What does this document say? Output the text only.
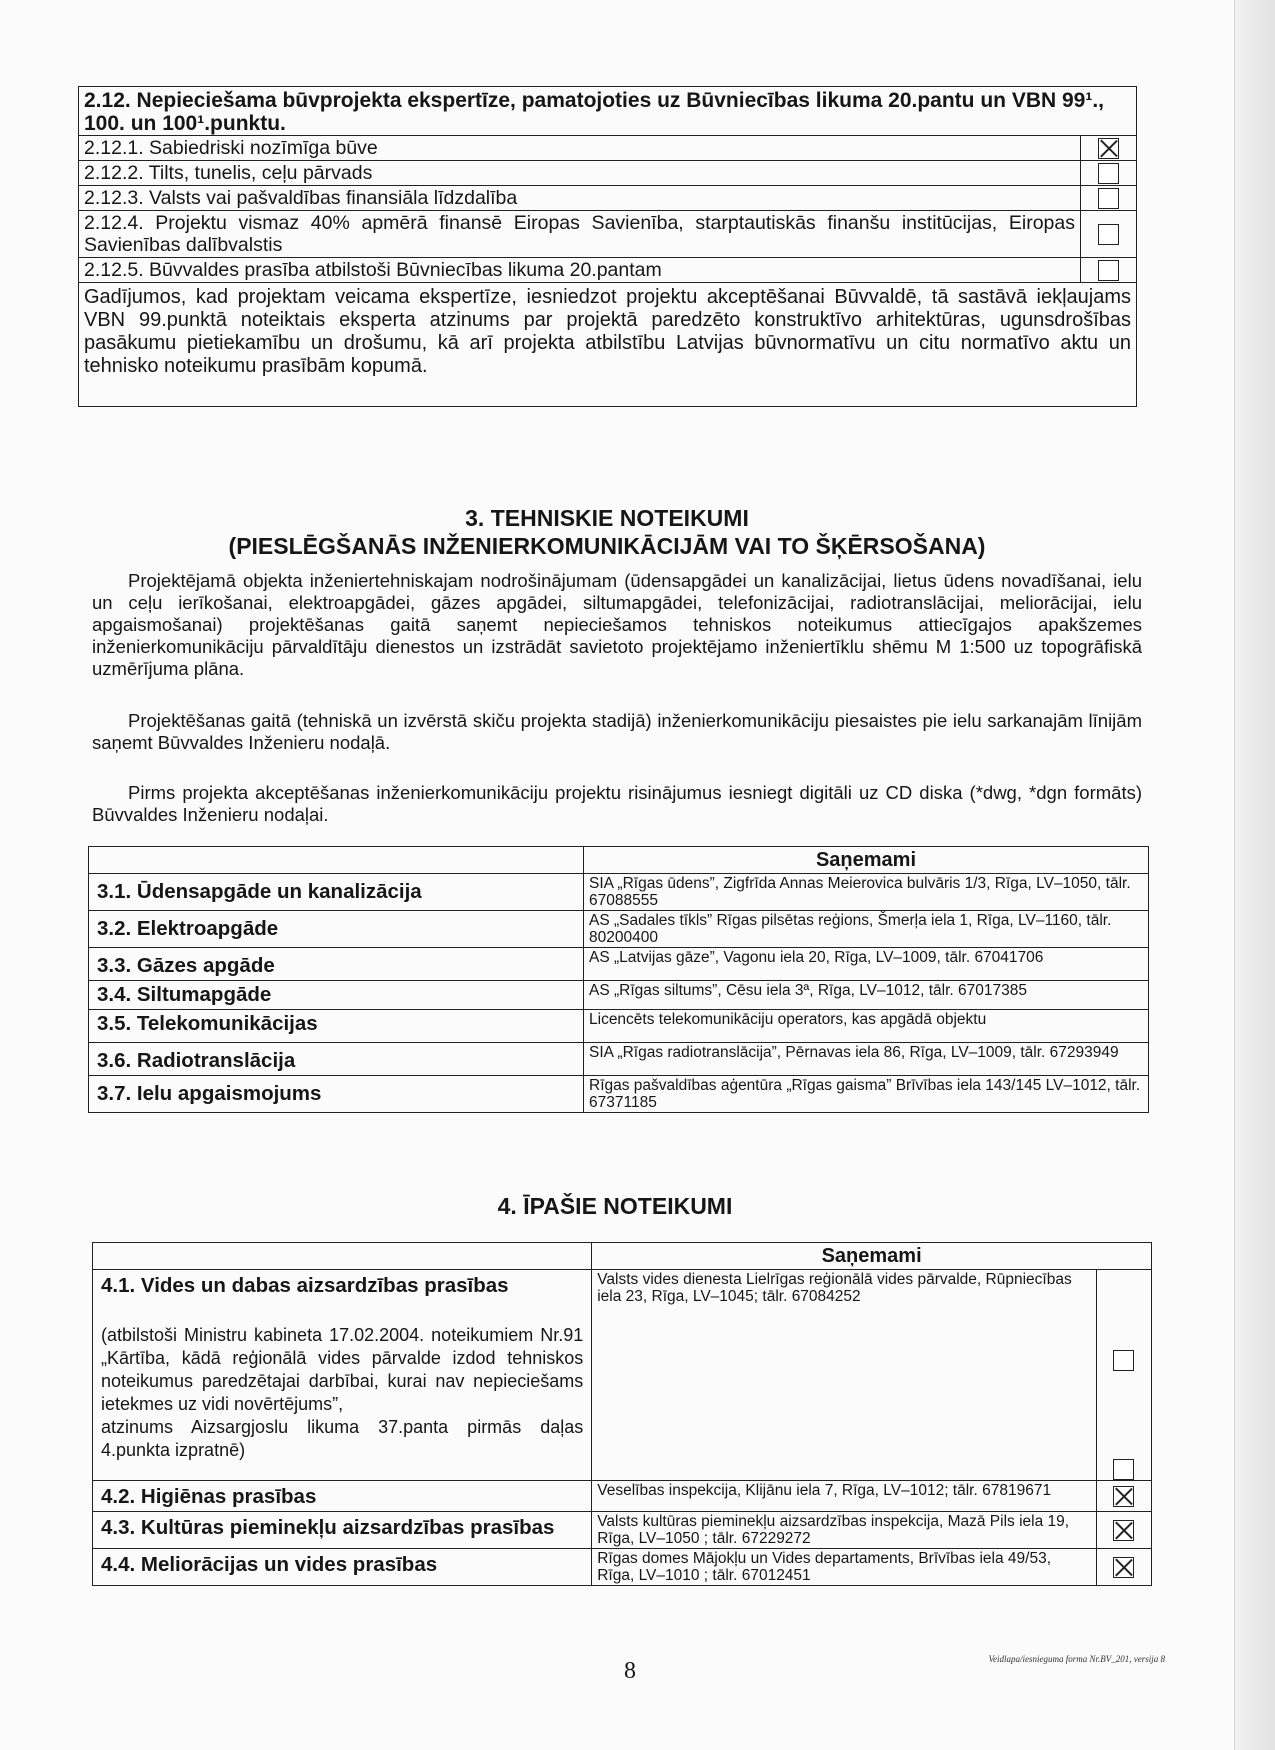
2.12. Nepieciešama būvprojekta ekspertīze, pamatojoties uz Būvniecības likuma 20.pantu un VBN 99¹., 100. un 100¹.punktu.	
2.12.1. Sabiedriski nozīmīga būve	
2.12.2. Tilts, tunelis, ceļu pārvads	
2.12.3. Valsts vai pašvaldības finansiāla līdzdalība	
2.12.4. Projektu vismaz 40% apmērā finansē Eiropas Savienība, starptautiskās finanšu institūcijas, Eiropas Savienības dalībvalstis	
2.12.5. Būvvaldes prasība atbilstoši Būvniecības likuma 20.pantam	
Gadījumos, kad projektam veicama ekspertīze, iesniedzot projektu akceptēšanai Būvvaldē, tā sastāvā iekļaujams VBN 99.punktā noteiktais eksperta atzinums par projektā paredzēto konstruktīvo arhitektūras, ugunsdrošības pasākumu pietiekamību un drošumu, kā arī projekta atbilstību Latvijas būvnormatīvu un citu normatīvo aktu un tehnisko noteikumu prasībām kopumā.	
3. TEHNISKIE NOTEIKUMI
(PIESLĒGŠANĀS INŽENIERKOMUNIKĀCIJĀM VAI TO ŠĶĒRSOŠANA)
Projektējamā objekta inženiertehniskajam nodrošinājumam (ūdensapgādei un kanalizācijai, lietus ūdens novadīšanai, ielu un ceļu ierīkošanai, elektroapgādei, gāzes apgādei, siltumapgādei, telefonizācijai, radiotranslācijai, meliorācijai, ielu apgaismošanai) projektēšanas gaitā saņemt nepieciešamos tehniskos noteikumus attiecīgajos apakšzemes inženierkomunikāciju pārvaldītāju dienestos un izstrādāt savietoto projektējamo inženiertīklu shēmu M 1:500 uz topogrāfiskā uzmērījuma plāna.
Projektēšanas gaitā (tehniskā un izvērstā skiču projekta stadijā) inženierkomunikāciju piesaistes pie ielu sarkanajām līnijām saņemt Būvvaldes Inženieru nodaļā.
Pirms projekta akceptēšanas inženierkomunikāciju projektu risinājumus iesniegt digitāli uz CD diska (*dwg, *dgn formāts) Būvvaldes Inženieru nodaļai.
	Saņemami
3.1. Ūdensapgāde un kanalizācija	SIA „Rīgas ūdens”, Zigfrīda Annas Meierovica bulvāris 1/3, Rīga, LV–1050, tālr. 67088555
3.2. Elektroapgāde	AS „Sadales tīkls” Rīgas pilsētas reģions, Šmerļa iela 1, Rīga, LV–1160, tālr. 80200400
3.3. Gāzes apgāde	AS „Latvijas gāze”, Vagonu iela 20, Rīga, LV–1009, tālr. 67041706
3.4. Siltumapgāde	AS „Rīgas siltums”, Cēsu iela 3ª, Rīga, LV–1012, tālr. 67017385
3.5. Telekomunikācijas	Licencēts telekomunikāciju operators, kas apgādā objektu
3.6. Radiotranslācija	SIA „Rīgas radiotranslācija”, Pērnavas iela 86, Rīga, LV–1009, tālr. 67293949
3.7. Ielu apgaismojums	Rīgas pašvaldības aģentūra „Rīgas gaisma” Brīvības iela 143/145 LV–1012, tālr. 67371185
4. ĪPAŠIE NOTEIKUMI
	Saņemami	

4.1. Vides un dabas aizsardzības prasības
(atbilstoši Ministru kabineta 17.02.2004. noteikumiem Nr.91 „Kārtība, kādā reģionālā vides pārvalde izdod tehniskos noteikumus paredzētajai darbībai, kurai nav nepieciešams ietekmes uz vidi novērtējums”,
atzinums Aizsargjoslu likuma 37.panta pirmās daļas 4.punkta izpratnē)	Valsts vides dienesta Lielrīgas reģionālā vides pārvalde, Rūpniecības iela 23, Rīga, LV–1045; tālr. 67084252	

4.2. Higiēnas prasības	Veselības inspekcija, Klijānu iela 7, Rīga, LV–1012; tālr. 67819671	
4.3. Kultūras pieminekļu aizsardzības prasības	Valsts kultūras pieminekļu aizsardzības inspekcija, Mazā Pils iela 19, Rīga, LV–1050 ; tālr. 67229272	
4.4. Meliorācijas un vides prasības	Rīgas domes Mājokļu un Vides departaments, Brīvības iela 49/53, Rīga, LV–1010 ; tālr. 67012451	
8	Veidlapa/iesnieguma forma Nr.BV_201, versija 8
